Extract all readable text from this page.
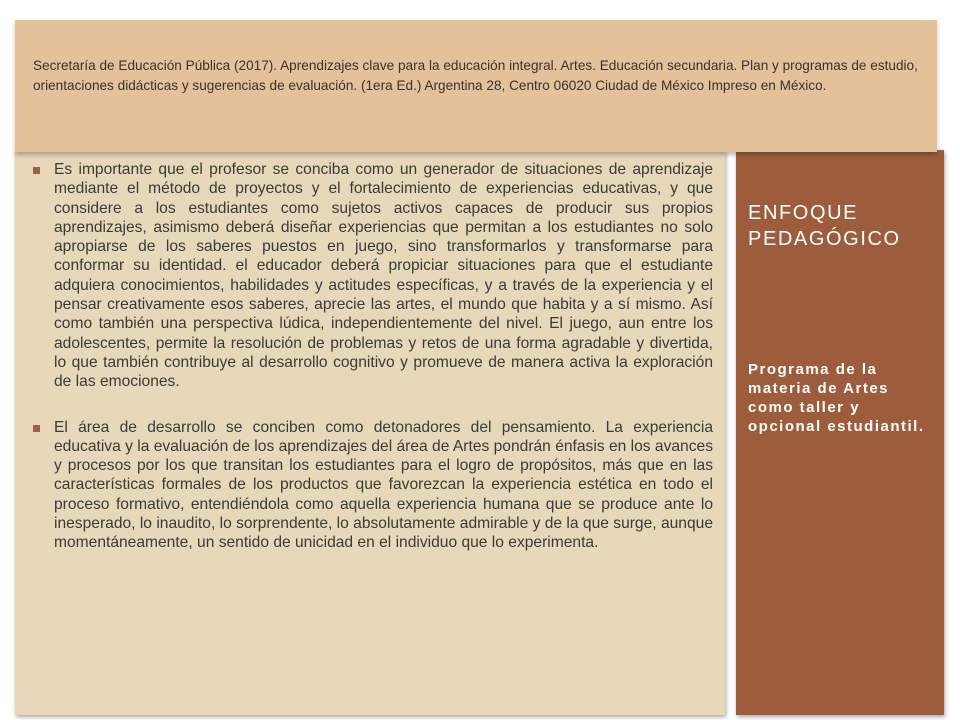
Es importante que el profesor se conciba como un generador de situaciones de aprendizaje mediante el método de proyectos y el fortalecimiento de experiencias educativas, y que considere a los estudiantes como sujetos activos capaces de producir sus propios aprendizajes, asimismo deberá diseñar experiencias que permitan a los estudiantes no solo apropiarse de los saberes puestos en juego, sino transformarlos y transformarse para conformar su identidad. el educador deberá propiciar situaciones para que el estudiante adquiera conocimientos, habilidades y actitudes específicas, y a través de la experiencia y el pensar creativamente esos saberes, aprecie las artes, el mundo que habita y a sí mismo. Así como también una perspectiva lúdica, independientemente del nivel. El juego, aun entre los adolescentes, permite la resolución de problemas y retos de una forma agradable y divertida, lo que también contribuye al desarrollo cognitivo y promueve de manera activa la exploración de las emociones.
El área de desarrollo se conciben como detonadores del pensamiento. La experiencia educativa y la evaluación de los aprendizajes del área de Artes pondrán énfasis en los avances y procesos por los que transitan los estudiantes para el logro de propósitos, más que en las características formales de los productos que favorezcan la experiencia estética en todo el proceso formativo, entendiéndola como aquella experiencia humana que se produce ante lo inesperado, lo inaudito, lo sorprendente, lo absolutamente admirable y de la que surge, aunque momentáneamente, un sentido de unicidad en el individuo que lo experimenta.
ENFOQUE PEDAGÓGICO
Programa de la materia de Artes como taller y opcional estudiantil.
Secretaría de Educación Pública (2017). Aprendizajes clave para la educación integral. Artes. Educación secundaria. Plan y programas de estudio, orientaciones didácticas y sugerencias de evaluación. (1era Ed.) Argentina 28, Centro 06020 Ciudad de México Impreso en México.
